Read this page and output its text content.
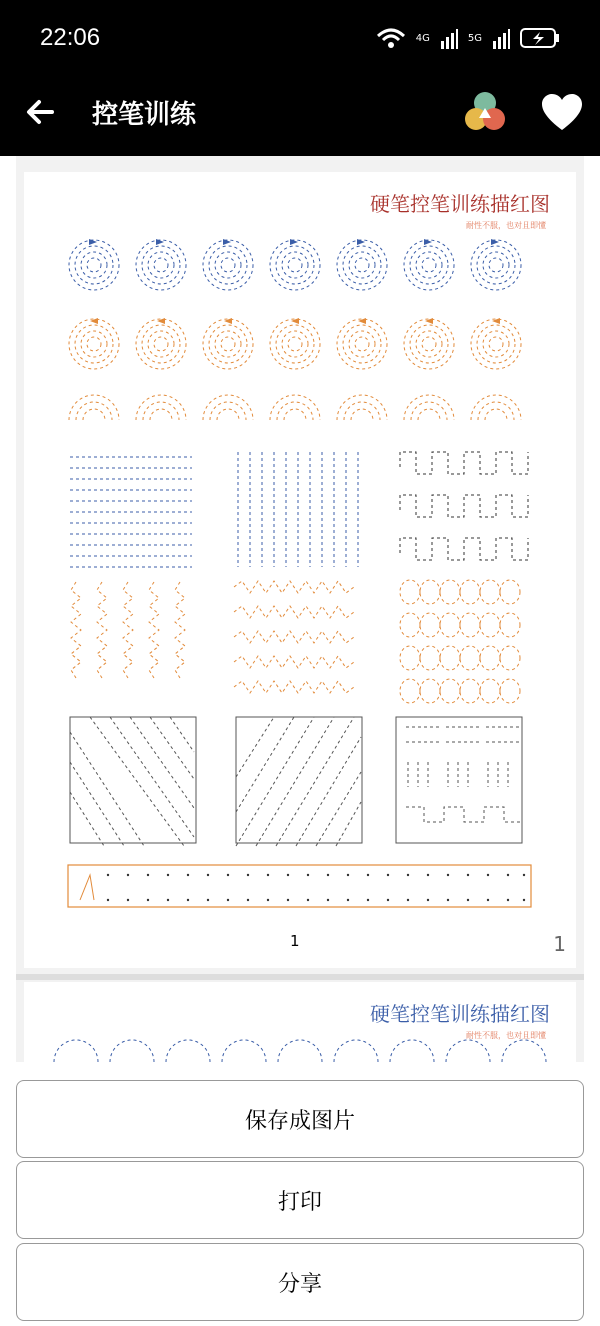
22:06	4G	5G
控笔训练
硬笔控笔训练描红图
耐性不服，也对且即懂
1	1
硬笔控笔训练描红图
耐性不服，也对且即懂
保存成图片
打印
分享
